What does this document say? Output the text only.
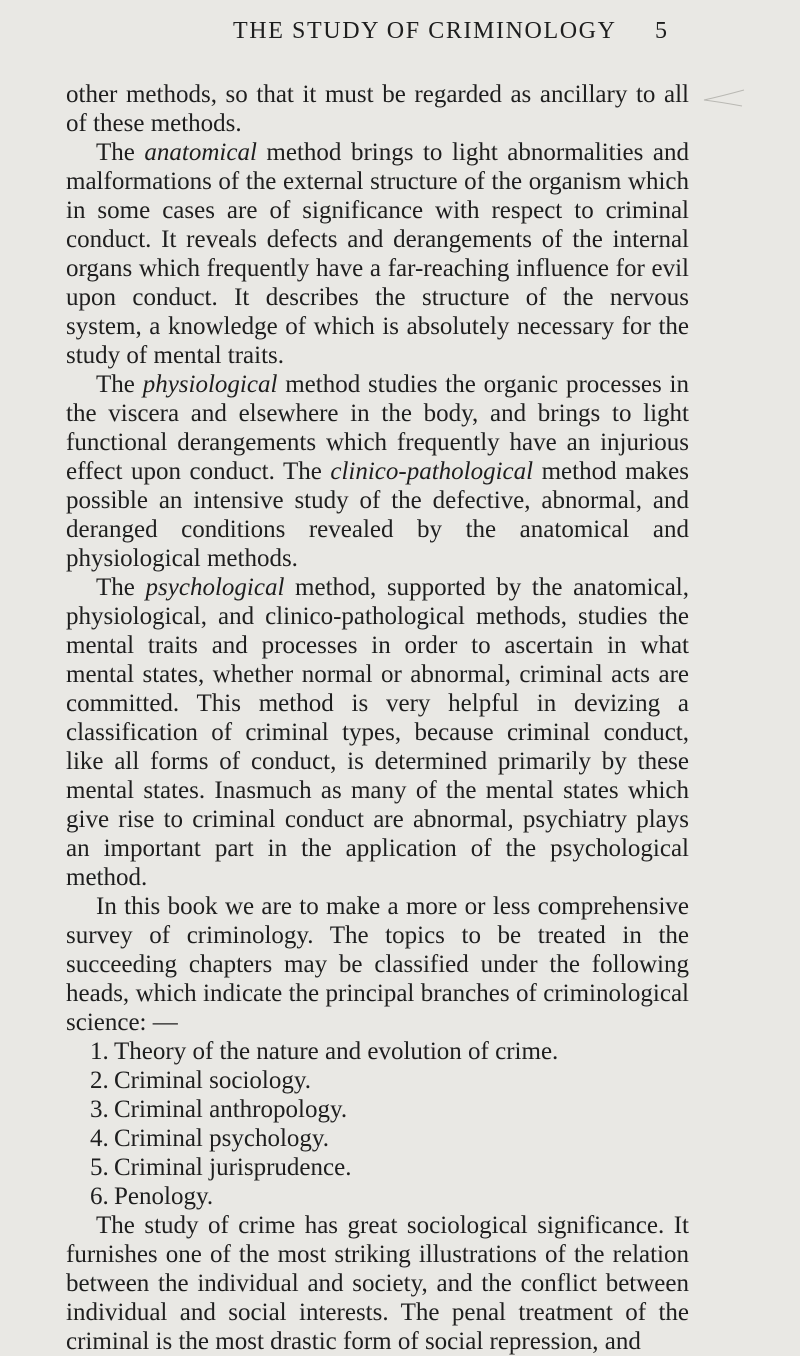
THE STUDY OF CRIMINOLOGY 5

other methods, so that it must be regarded as ancillary to all of these methods.

The anatomical method brings to light abnormalities and malformations of the external structure of the organism which in some cases are of significance with respect to criminal conduct. It reveals defects and derangements of the internal organs which frequently have a far-reaching influence for evil upon conduct. It describes the structure of the nervous system, a knowledge of which is absolutely necessary for the study of mental traits.

The physiological method studies the organic processes in the viscera and elsewhere in the body, and brings to light functional derangements which frequently have an injurious effect upon conduct. The clinico-pathological method makes possible an intensive study of the defective, abnormal, and deranged conditions revealed by the anatomical and physiological methods.

The psychological method, supported by the anatomical, physiological, and clinico-pathological methods, studies the mental traits and processes in order to ascertain in what mental states, whether normal or abnormal, criminal acts are committed. This method is very helpful in devizing a classification of criminal types, because criminal conduct, like all forms of conduct, is determined primarily by these mental states. Inasmuch as many of the mental states which give rise to criminal conduct are abnormal, psychiatry plays an important part in the application of the psychological method.

In this book we are to make a more or less comprehensive survey of criminology. The topics to be treated in the succeeding chapters may be classified under the following heads, which indicate the principal branches of criminological science: —

1. Theory of the nature and evolution of crime.
2. Criminal sociology.
3. Criminal anthropology.
4. Criminal psychology.
5. Criminal jurisprudence.
6. Penology.

The study of crime has great sociological significance. It furnishes one of the most striking illustrations of the relation between the individual and society, and the conflict between individual and social interests. The penal treatment of the criminal is the most drastic form of social repression, and
